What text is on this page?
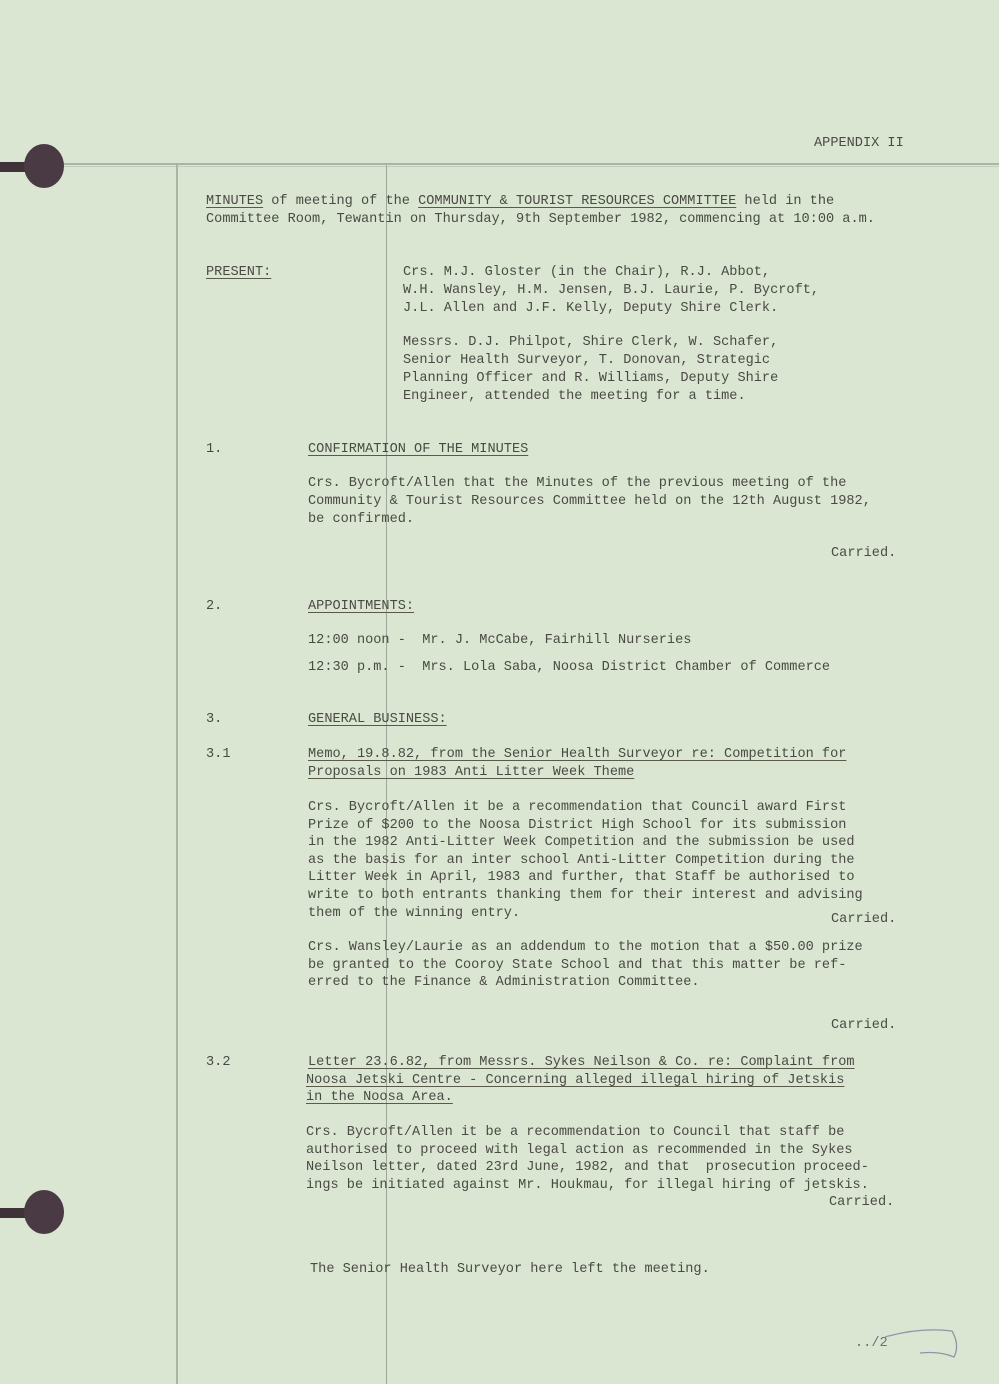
APPENDIX II
MINUTES of meeting of the COMMUNITY & TOURIST RESOURCES COMMITTEE held in the
Committee Room, Tewantin on Thursday, 9th September 1982, commencing at 10:00 a.m.
PRESENT:	Crs. M.J. Gloster (in the Chair), R.J. Abbot,
W.H. Wansley, H.M. Jensen, B.J. Laurie, P. Bycroft,
J.L. Allen and J.F. Kelly, Deputy Shire Clerk.
Messrs. D.J. Philpot, Shire Clerk, W. Schafer,
Senior Health Surveyor, T. Donovan, Strategic
Planning Officer and R. Williams, Deputy Shire
Engineer, attended the meeting for a time.
1.	CONFIRMATION OF THE MINUTES
Crs. Bycroft/Allen that the Minutes of the previous meeting of the
Community & Tourist Resources Committee held on the 12th August 1982,
be confirmed.
Carried.
2.	APPOINTMENTS:
12:00 noon -  Mr. J. McCabe, Fairhill Nurseries
12:30 p.m. -  Mrs. Lola Saba, Noosa District Chamber of Commerce
3.	GENERAL BUSINESS:
3.1	Memo, 19.8.82, from the Senior Health Surveyor re: Competition for
Proposals on 1983 Anti Litter Week Theme
Crs. Bycroft/Allen it be a recommendation that Council award First
Prize of $200 to the Noosa District High School for its submission
in the 1982 Anti-Litter Week Competition and the submission be used
as the basis for an inter school Anti-Litter Competition during the
Litter Week in April, 1983 and further, that Staff be authorised to
write to both entrants thanking them for their interest and advising
them of the winning entry.	Carried.
Crs. Wansley/Laurie as an addendum to the motion that a $50.00 prize
be granted to the Cooroy State School and that this matter be ref-
erred to the Finance & Administration Committee.
Carried.
3.2	Letter 23.6.82, from Messrs. Sykes Neilson & Co. re: Complaint from
Noosa Jetski Centre - Concerning alleged illegal hiring of Jetskis
in the Noosa Area.
Crs. Bycroft/Allen it be a recommendation to Council that staff be
authorised to proceed with legal action as recommended in the Sykes
Neilson letter, dated 23rd June, 1982, and that  prosecution proceed-
ings be initiated against Mr. Houkmau, for illegal hiring of jetskis.
Carried.
The Senior Health Surveyor here left the meeting.
../2
